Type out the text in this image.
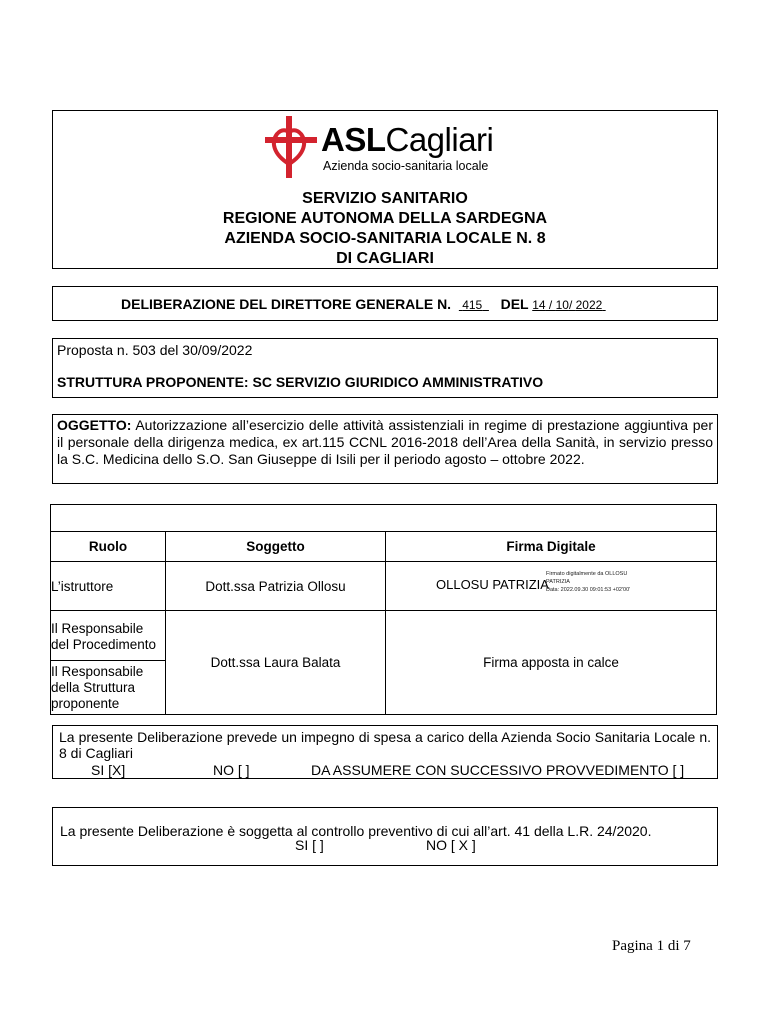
ASLCagliari
Azienda socio-sanitaria locale
SERVIZIO SANITARIO
REGIONE AUTONOMA DELLA SARDEGNA
AZIENDA SOCIO-SANITARIA LOCALE N. 8
DI CAGLIARI
DELIBERAZIONE DEL DIRETTORE GENERALE N. 415 DEL 14 / 10/ 2022
Proposta n. 503 del 30/09/2022
STRUTTURA PROPONENTE: SC SERVIZIO GIURIDICO AMMINISTRATIVO
OGGETTO: Autorizzazione all’esercizio delle attività assistenziali in regime di prestazione aggiuntiva per il personale della dirigenza medica, ex art.115 CCNL 2016-2018 dell’Area della Sanità, in servizio presso la S.C. Medicina dello S.O. San Giuseppe di Isili per il periodo agosto – ottobre 2022.

Ruolo	Soggetto	Firma Digitale
L’istruttore	Dott.ssa Patrizia Ollosu	OLLOSU PATRIZIA
Firmato digitalmente da OLLOSU
PATRIZIA
Data: 2022.09.30 09:01:53 +02'00'

Il Responsabile del Procedimento
Il Responsabile della Struttura proponente	Dott.ssa Laura Balata	Firma apposta in calce
La presente Deliberazione prevede un impegno di spesa a carico della Azienda Socio Sanitaria Locale n. 8 di Cagliari
SI [X]	NO [ ]	DA ASSUMERE CON SUCCESSIVO PROVVEDIMENTO [ ]
La presente Deliberazione è soggetta al controllo preventivo di cui all’art. 41 della L.R. 24/2020.
SI [ ]	NO [ X ]
Pagina 1 di 7
